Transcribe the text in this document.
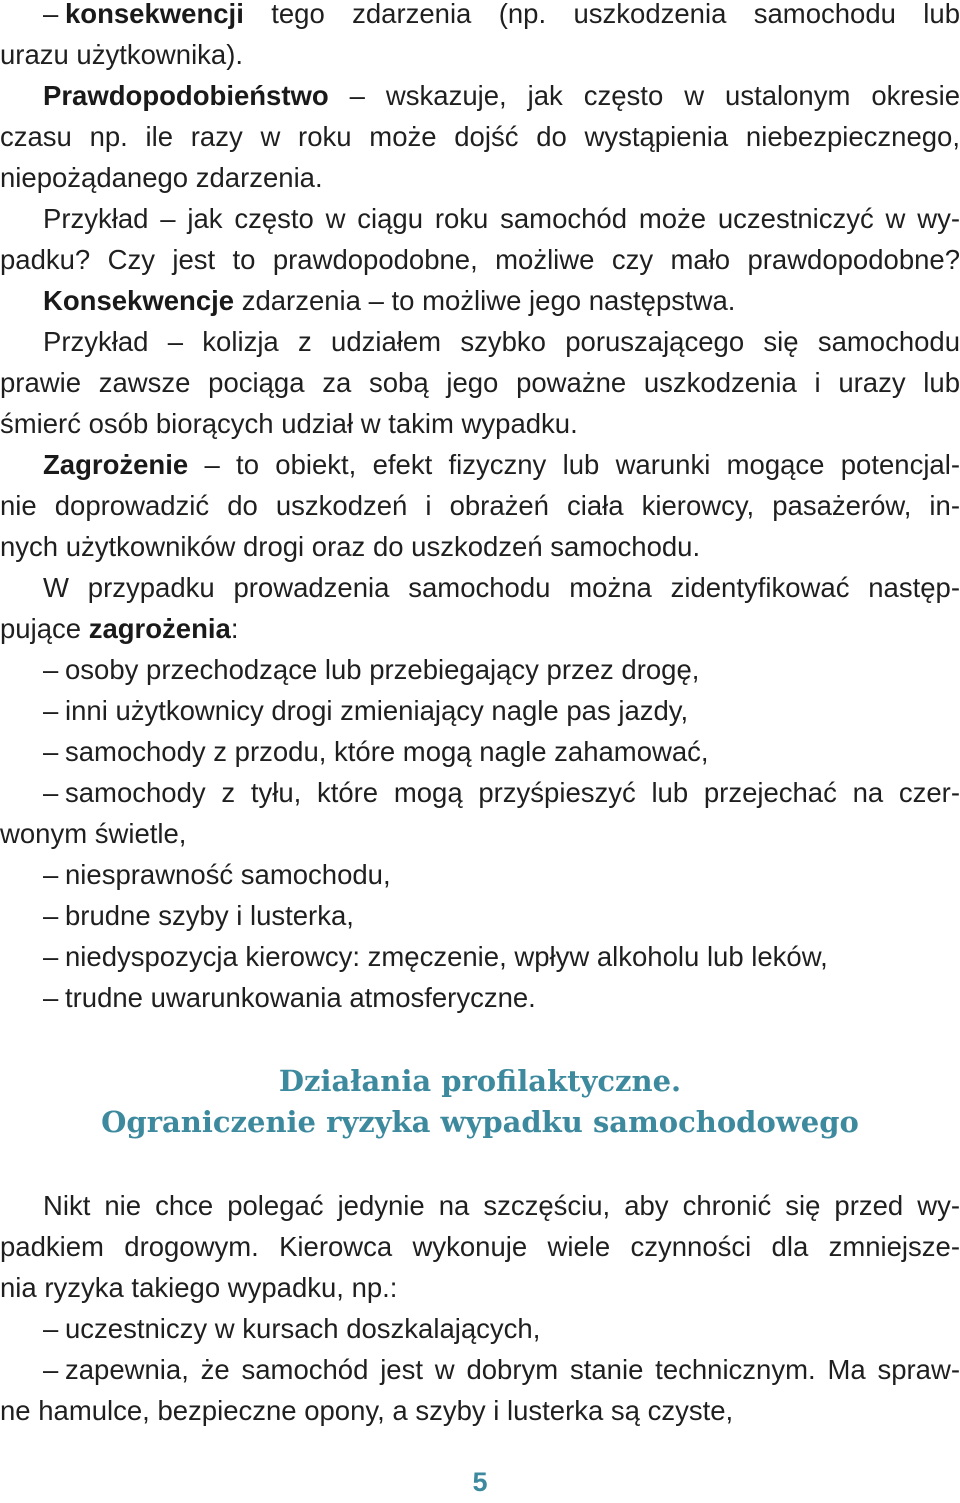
– konsekwencji tego zdarzenia (np. uszkodzenia samochodu lub
urazu użytkownika).
Prawdopodobieństwo – wskazuje, jak często w ustalonym okresie
czasu np. ile razy w roku może dojść do wystąpienia niebezpiecznego,
niepożądanego zdarzenia.
Przykład – jak często w ciągu roku samochód może uczestniczyć w wy-
padku? Czy jest to prawdopodobne, możliwe czy mało prawdopodobne?
Konsekwencje zdarzenia – to możliwe jego następstwa.
Przykład – kolizja z udziałem szybko poruszającego się samochodu
prawie zawsze pociąga za sobą jego poważne uszkodzenia i urazy lub
śmierć osób biorących udział w takim wypadku.
Zagrożenie – to obiekt, efekt fizyczny lub warunki mogące potencjal-
nie doprowadzić do uszkodzeń i obrażeń ciała kierowcy, pasażerów, in-
nych użytkowników drogi oraz do uszkodzeń samochodu.
W przypadku prowadzenia samochodu można zidentyfikować następ-
pujące zagrożenia:
– osoby przechodzące lub przebiegający przez drogę,
– inni użytkownicy drogi zmieniający nagle pas jazdy,
– samochody z przodu, które mogą nagle zahamować,
– samochody z tyłu, które mogą przyśpieszyć lub przejechać na czer-
wonym świetle,
– niesprawność samochodu,
– brudne szyby i lusterka,
– niedyspozycja kierowcy: zmęczenie, wpływ alkoholu lub leków,
– trudne uwarunkowania atmosferyczne.
Działania profilaktyczne.
Ograniczenie ryzyka wypadku samochodowego
Nikt nie chce polegać jedynie na szczęściu, aby chronić się przed wy-
padkiem drogowym. Kierowca wykonuje wiele czynności dla zmniejsze-
nia ryzyka takiego wypadku, np.:
– uczestniczy w kursach doszkalających,
– zapewnia, że samochód jest w dobrym stanie technicznym. Ma spraw-
ne hamulce, bezpieczne opony, a szyby i lusterka są czyste,
5
